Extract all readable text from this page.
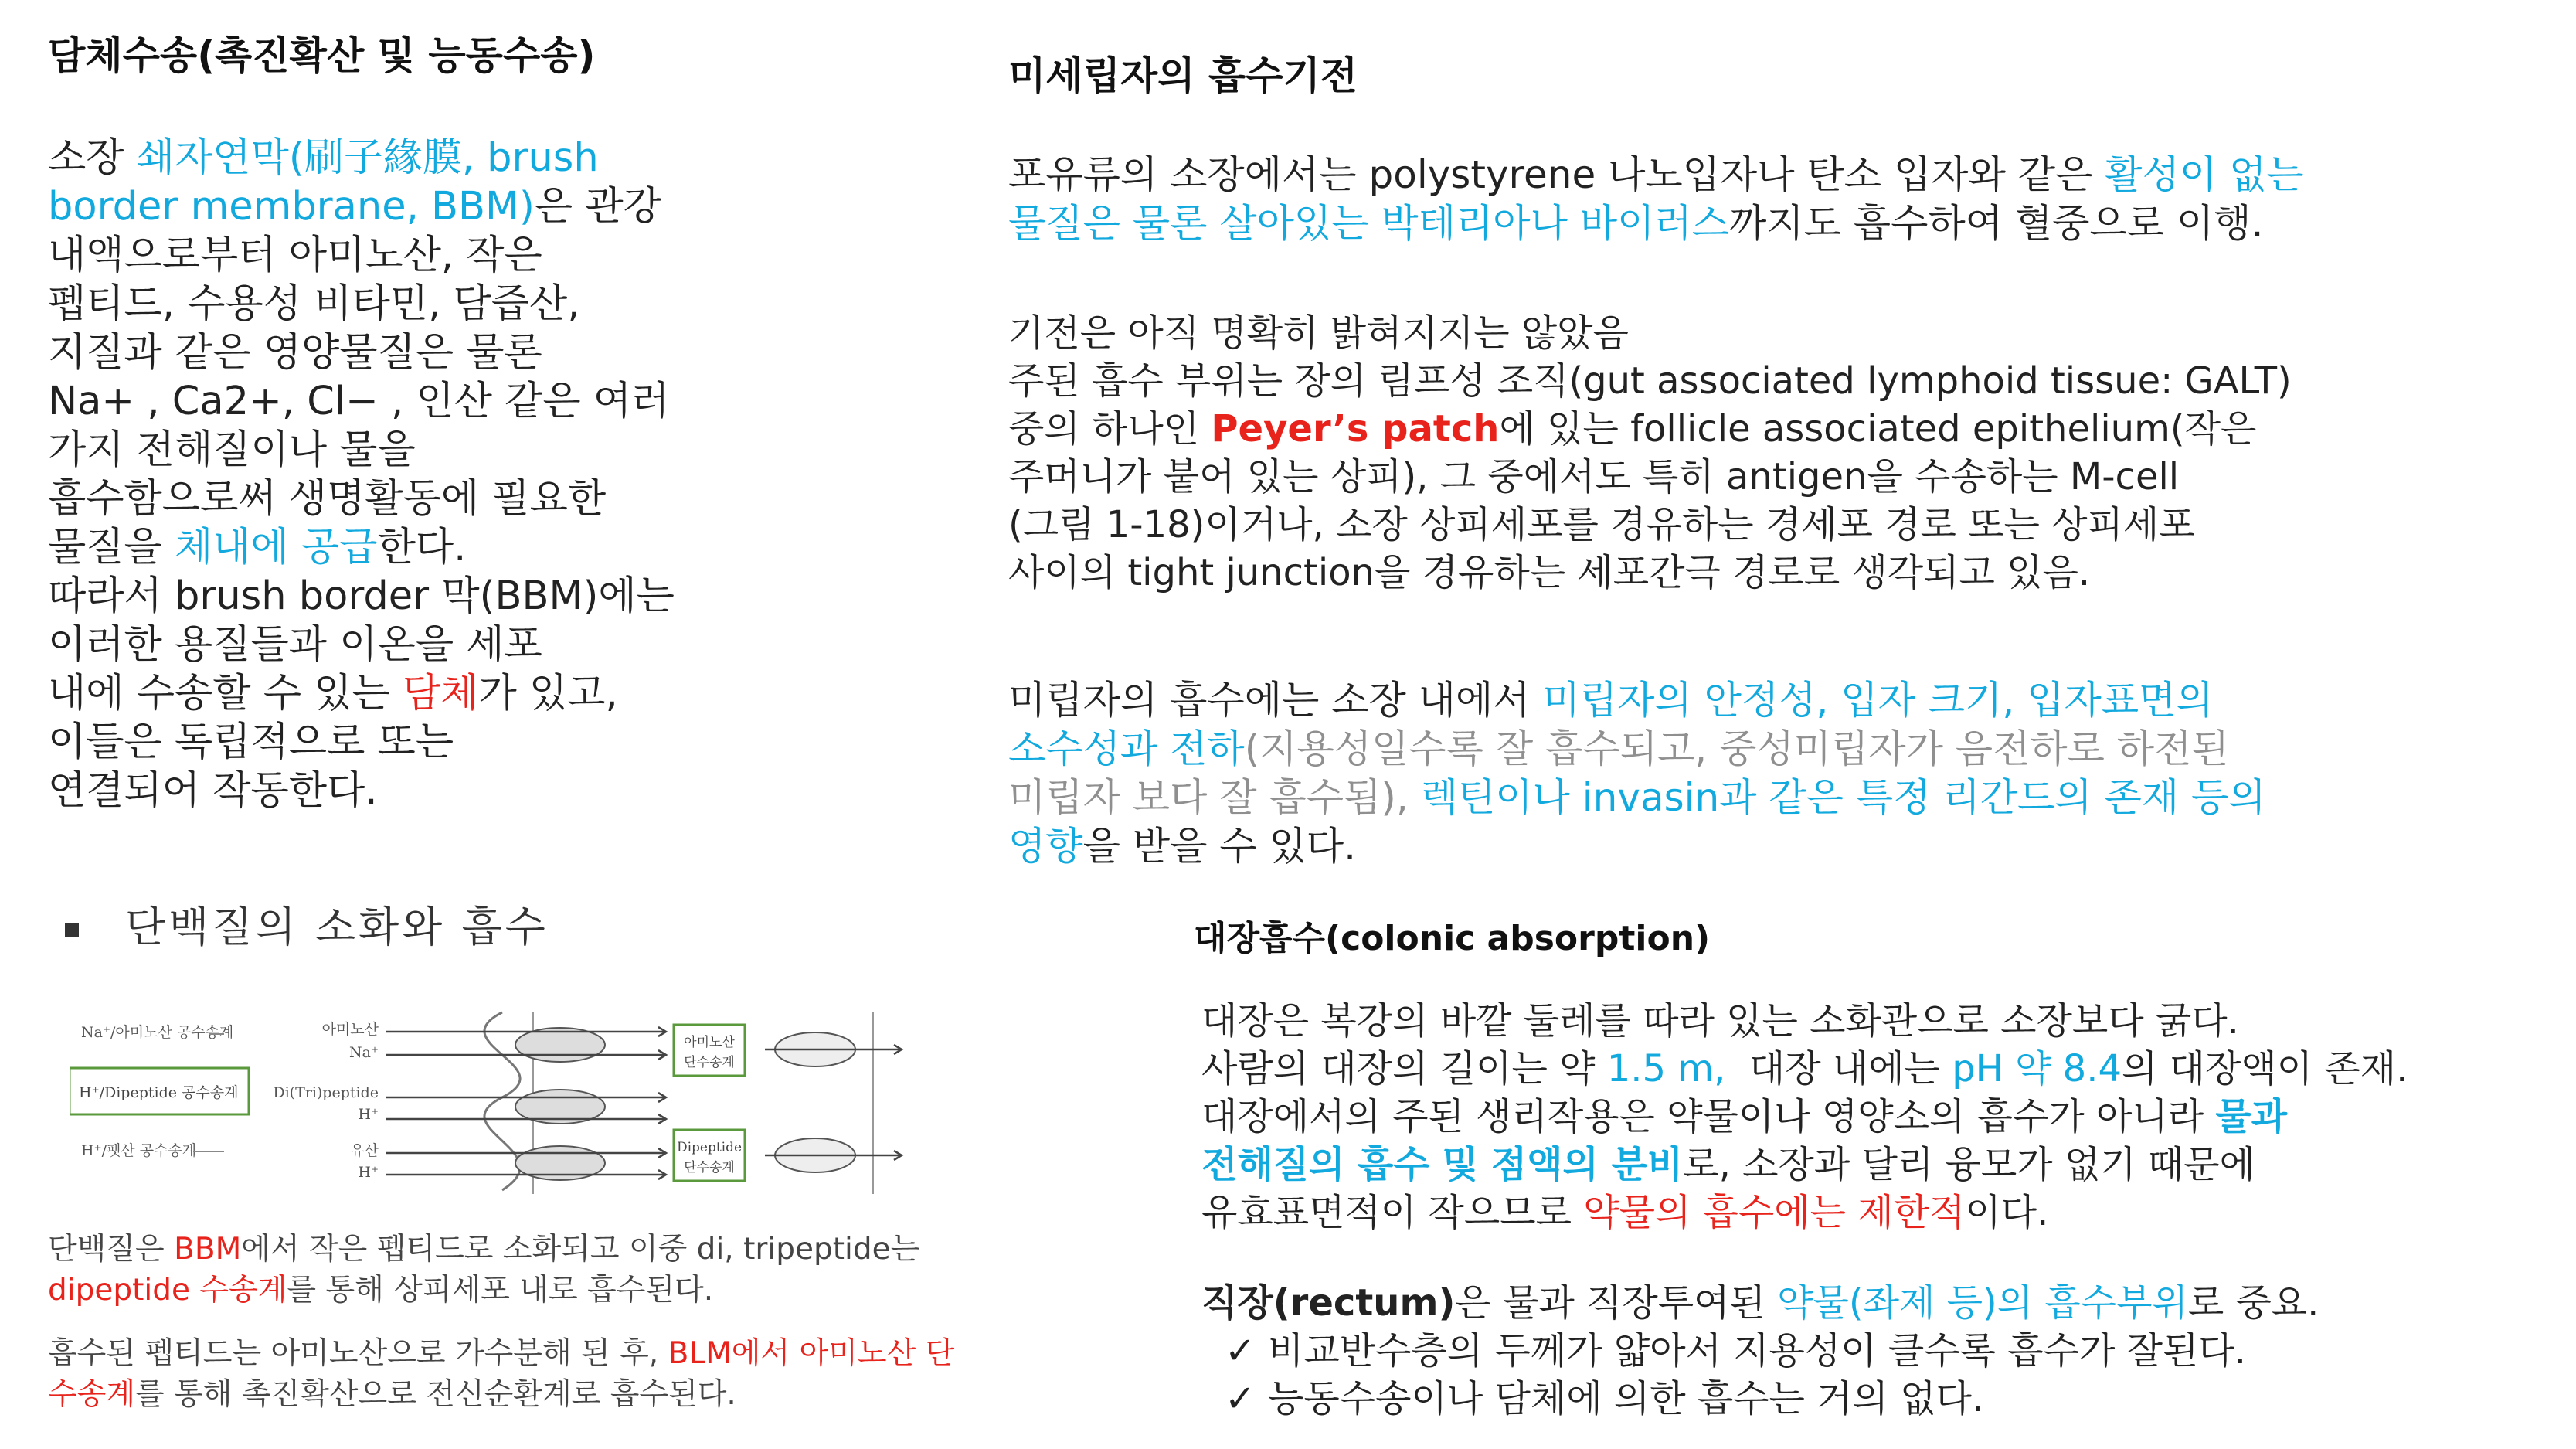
담체수송(촉진확산 및 능동수송)
소장 쇄자연막(刷子緣膜, brush
border membrane, BBM)은 관강
내액으로부터 아미노산, 작은
펩티드, 수용성 비타민, 담즙산,
지질과 같은 영양물질은 물론
Na+ , Ca2+, Cl− , 인산 같은 여러
가지 전해질이나 물을
흡수함으로써 생명활동에 필요한
물질을 체내에 공급한다.
따라서 brush border 막(BBM)에는
이러한 용질들과 이온을 세포
내에 수송할 수 있는 담체가 있고,
이들은 독립적으로 또는
연결되어 작동한다.
단백질의 소화와 흡수
Na⁺/아미노산 공수송계
H⁺/Dipeptide 공수송계
H⁺/펫산 공수송계
아미노산
Na⁺
Di(Tri)peptide
H⁺
유산
H⁺
아미노산
단수송계
Dipeptide
단수송계
단백질은 BBM에서 작은 펩티드로 소화되고 이중 di, tripeptide는
dipeptide 수송계를 통해 상피세포 내로 흡수된다.
흡수된 펩티드는 아미노산으로 가수분해 된 후, BLM에서 아미노산 단
수송계를 통해 촉진확산으로 전신순환계로 흡수된다.
미세립자의 흡수기전
포유류의 소장에서는 polystyrene 나노입자나 탄소 입자와 같은 활성이 없는
물질은 물론 살아있는 박테리아나 바이러스까지도 흡수하여 혈중으로 이행.
기전은 아직 명확히 밝혀지지는 않았음
주된 흡수 부위는 장의 림프성 조직(gut associated lymphoid tissue: GALT)
중의 하나인 Peyer’s patch에 있는 follicle associated epithelium(작은
주머니가 붙어 있는 상피), 그 중에서도 특히 antigen을 수송하는 M-cell
(그림 1-18)이거나, 소장 상피세포를 경유하는 경세포 경로 또는 상피세포
사이의 tight junction을 경유하는 세포간극 경로로 생각되고 있음.
미립자의 흡수에는 소장 내에서 미립자의 안정성, 입자 크기, 입자표면의
소수성과 전하(지용성일수록 잘 흡수되고, 중성미립자가 음전하로 하전된
미립자 보다 잘 흡수됨), 렉틴이나 invasin과 같은 특정 리간드의 존재 등의
영향을 받을 수 있다.
대장흡수(colonic absorption)
대장은 복강의 바깥 둘레를 따라 있는 소화관으로 소장보다 굵다.
사람의 대장의 길이는 약 1.5 m,  대장 내에는 pH 약 8.4의 대장액이 존재.
대장에서의 주된 생리작용은 약물이나 영양소의 흡수가 아니라 물과
전해질의 흡수 및 점액의 분비로, 소장과 달리 융모가 없기 때문에
유효표면적이 작으므로 약물의 흡수에는 제한적이다.
직장(rectum)은 물과 직장투여된 약물(좌제 등)의 흡수부위로 중요.
✓ 비교반수층의 두께가 얇아서 지용성이 클수록 흡수가 잘된다.
✓ 능동수송이나 담체에 의한 흡수는 거의 없다.
